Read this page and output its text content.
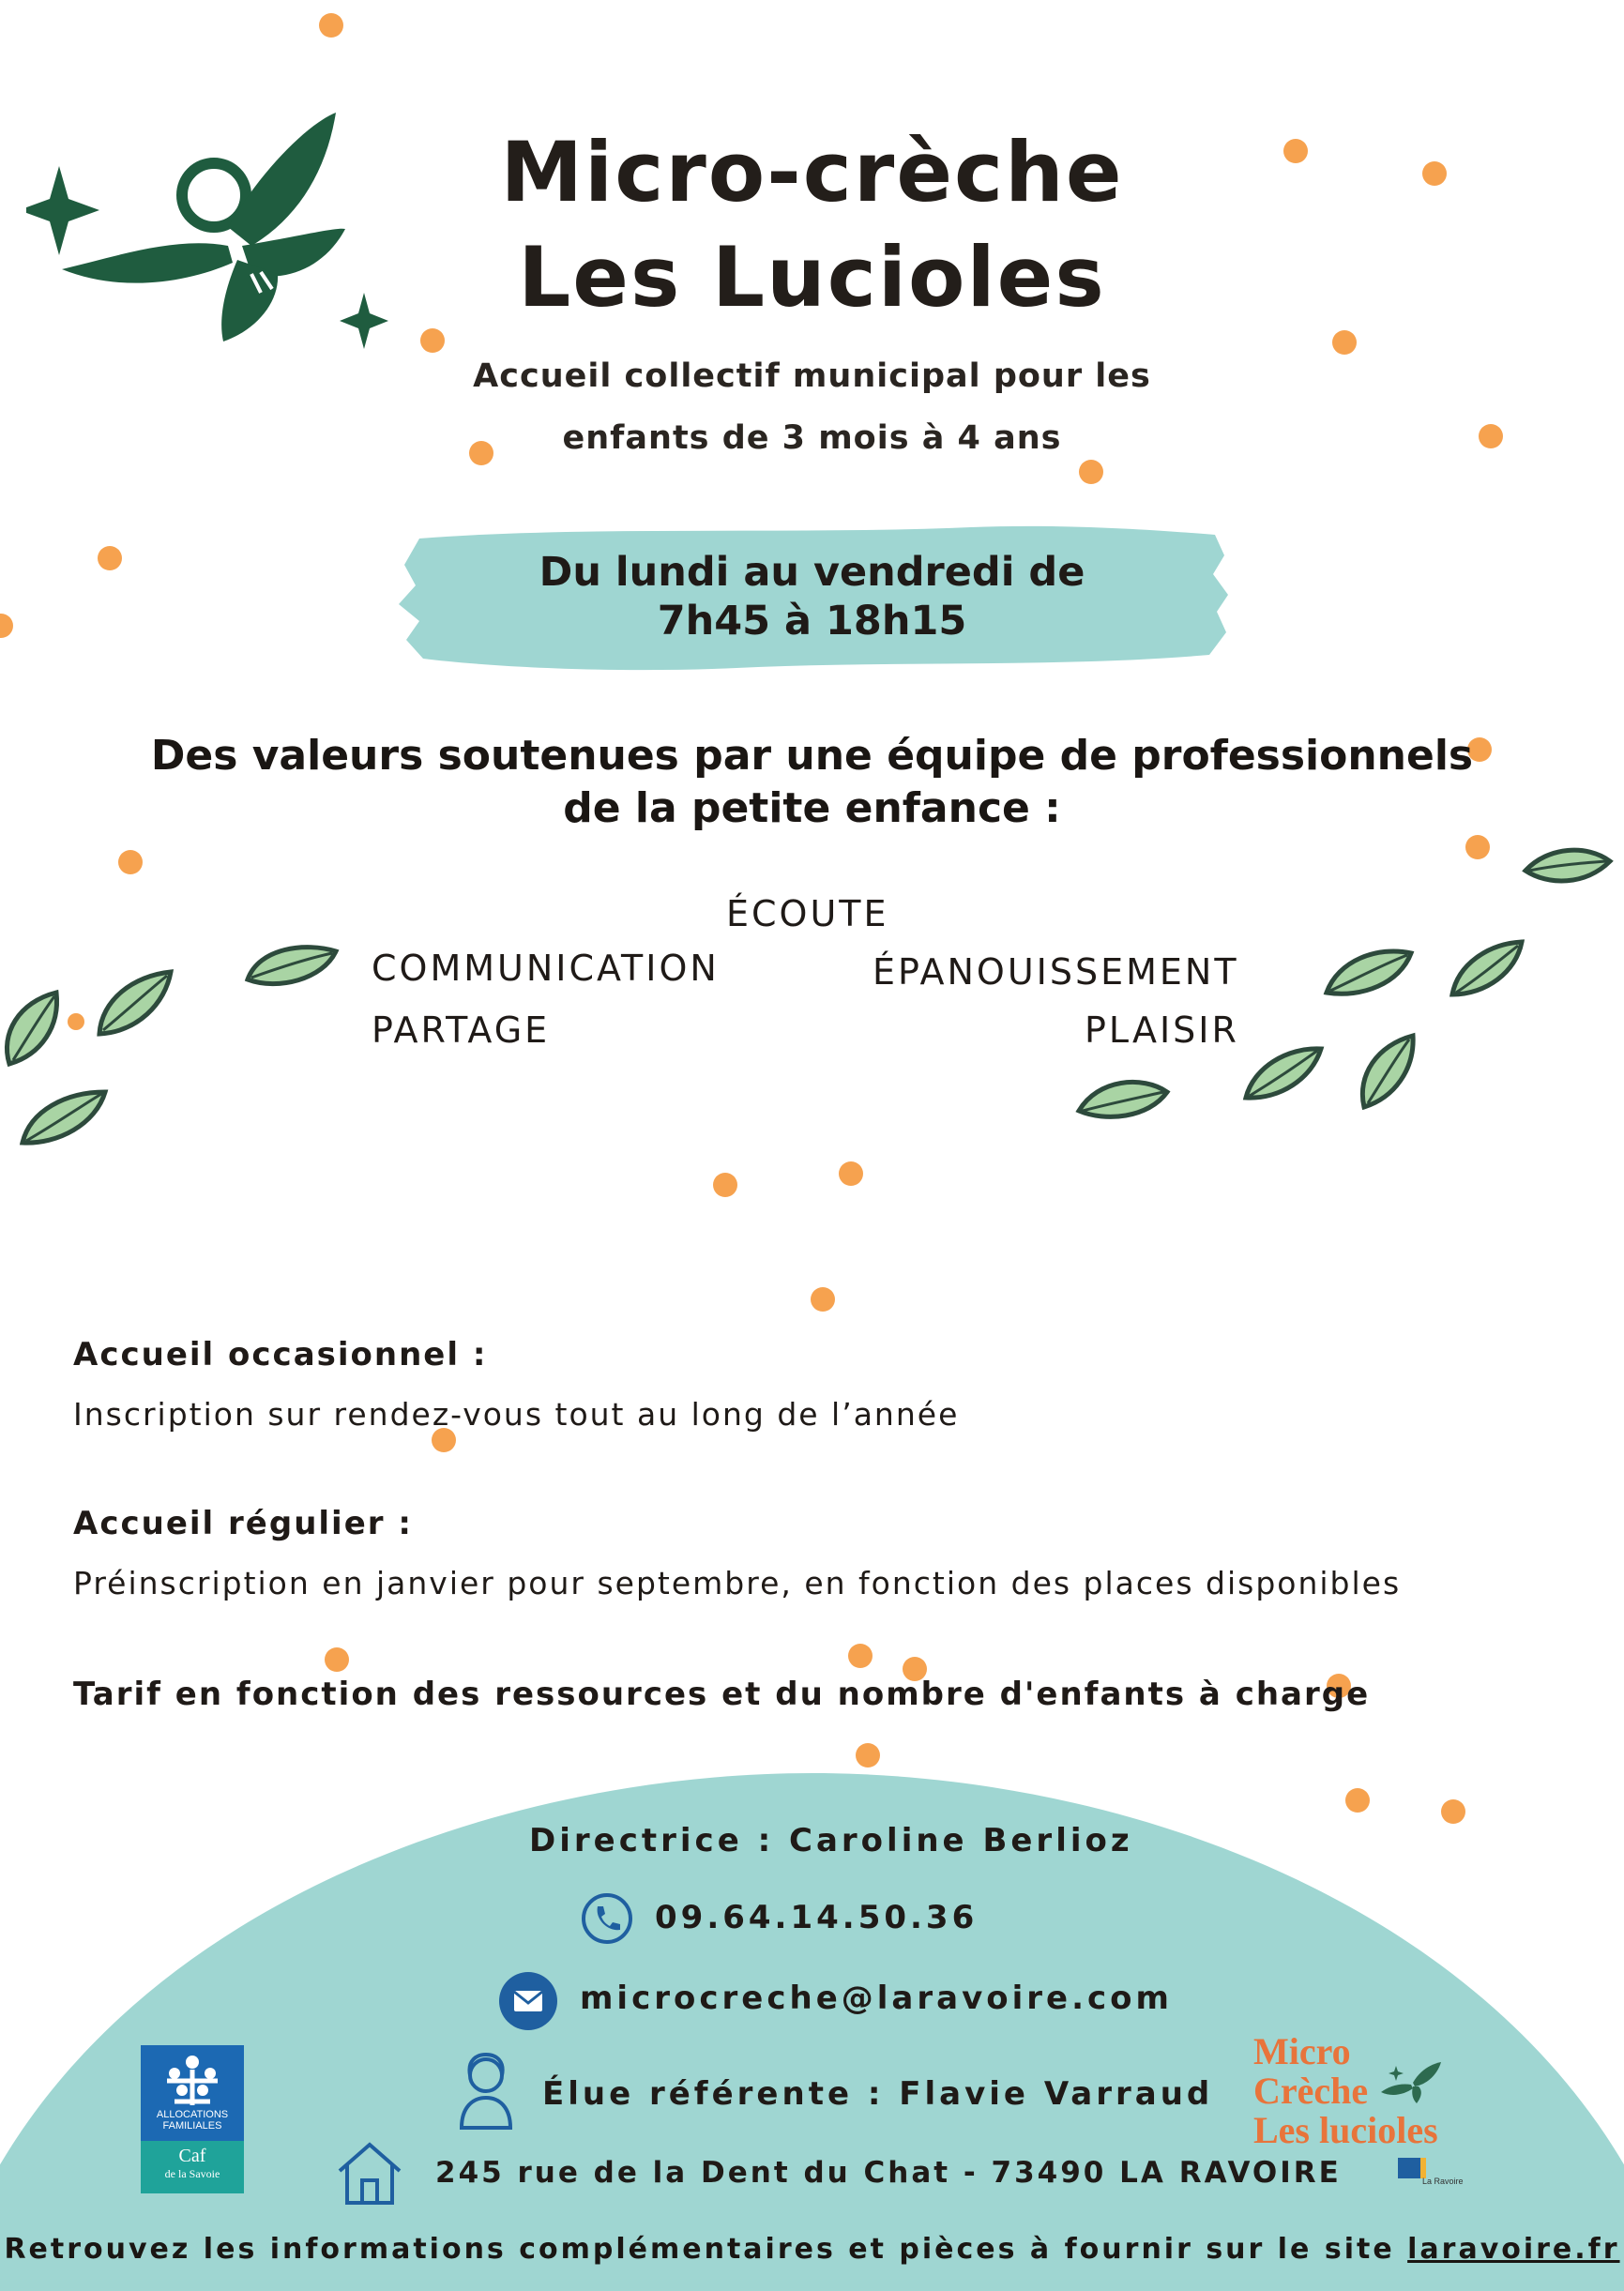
Micro-crèche
Les Lucioles
Accueil collectif municipal pour les
enfants de 3 mois à 4 ans
Du lundi au vendredi de
7h45 à 18h15
Des valeurs soutenues par une équipe de professionnels
de la petite enfance :
ÉCOUTE
COMMUNICATION	ÉPANOUISSEMENT
PARTAGE	PLAISIR
Accueil occasionnel :
Inscription sur rendez-vous tout au long de l’année
Accueil régulier :
Préinscription en janvier pour septembre, en fonction des places disponibles
Tarif en fonction des ressources et du nombre d'enfants à charge
Directrice : Caroline Berlioz
09.64.14.50.36
microcreche@laravoire.com
Élue référente : Flavie Varraud
245 rue de la Dent du Chat - 73490 LA RAVOIRE
ALLOCATIONS
FAMILIALES
Caf
de la Savoie
Micro
Crèche
Les lucioles
La Ravoire
Retrouvez les informations complémentaires et pièces à fournir sur le site laravoire.fr
